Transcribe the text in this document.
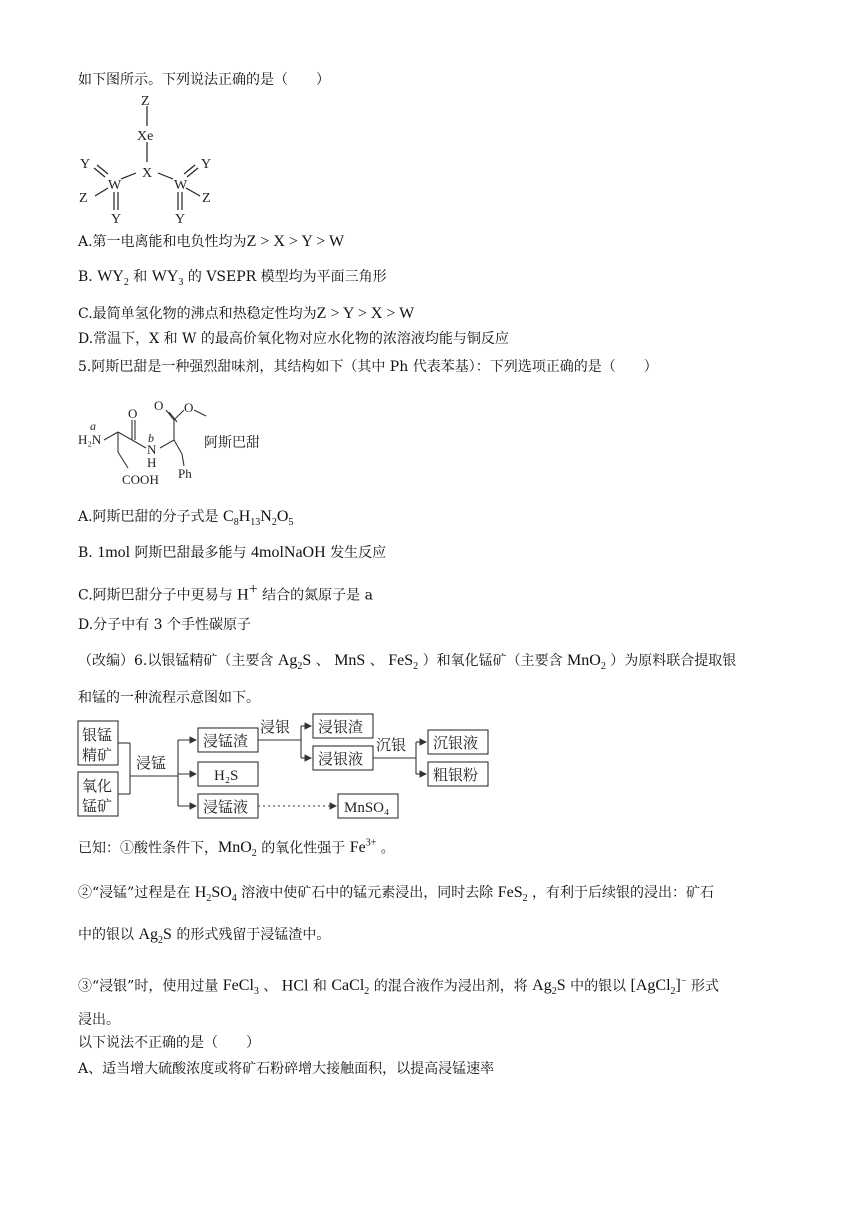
如下图所示。下列说法正确的是（　　）
Z
Xe
X
W	W
Y
Z
Y
Y
Z
Y
A.第一电离能和电负性均为Z > X > Y > W
B. $WY_2$ 和 $WY_3$ 的 VSEPR 模型均为平面三角形
C.最简单氢化物的沸点和热稳定性均为Z > Y > X > W
D.常温下，X 和 W 的最高价氧化物对应水化物的浓溶液均能与铜反应
5.阿斯巴甜是一种强烈甜味剂，其结构如下（其中 Ph 代表苯基）：下列选项正确的是（　　）
H₂N
a
b
N
H
O
O O
COOH Ph
阿斯巴甜
A.阿斯巴甜的分子式是 $C_8H_{13}N_2O_5$
B. 1mol 阿斯巴甜最多能与 4molNaOH 发生反应
C.阿斯巴甜分子中更易与 H+ 结合的氮原子是 a
D.分子中有 3 个手性碳原子
（改编）6.以银锰精矿（主要含 $Ag_2S$ 、 MnS 、 FeS$_2$ ）和氧化锰矿（主要含 MnO$_2$ ）为原料联合提取银
和锰的一种流程示意图如下。
银锰
精矿
氧化
锰矿
浸锰
浸锰渣
H₂S
浸锰液
浸银 浸银渣
浸银液
沉银 沉银液
粗银粉
MnSO₄
已知：①酸性条件下，MnO$_2$ 的氧化性强于 $Fe^{3+}$ 。
②“浸锰”过程是在 $H_2SO_4$ 溶液中使矿石中的锰元素浸出，同时去除 FeS$_2$ ，有利于后续银的浸出：矿石
中的银以 $Ag_2S$ 的形式残留于浸锰渣中。
③“浸银”时，使用过量 FeCl$_3$ 、 HCl 和 CaCl$_2$ 的混合液作为浸出剂，将 $Ag_2S$ 中的银以 [AgCl$_2$]− 形式
浸出。
以下说法不正确的是（　　）
A、适当增大硫酸浓度或将矿石粉碎增大接触面积，以提高浸锰速率
